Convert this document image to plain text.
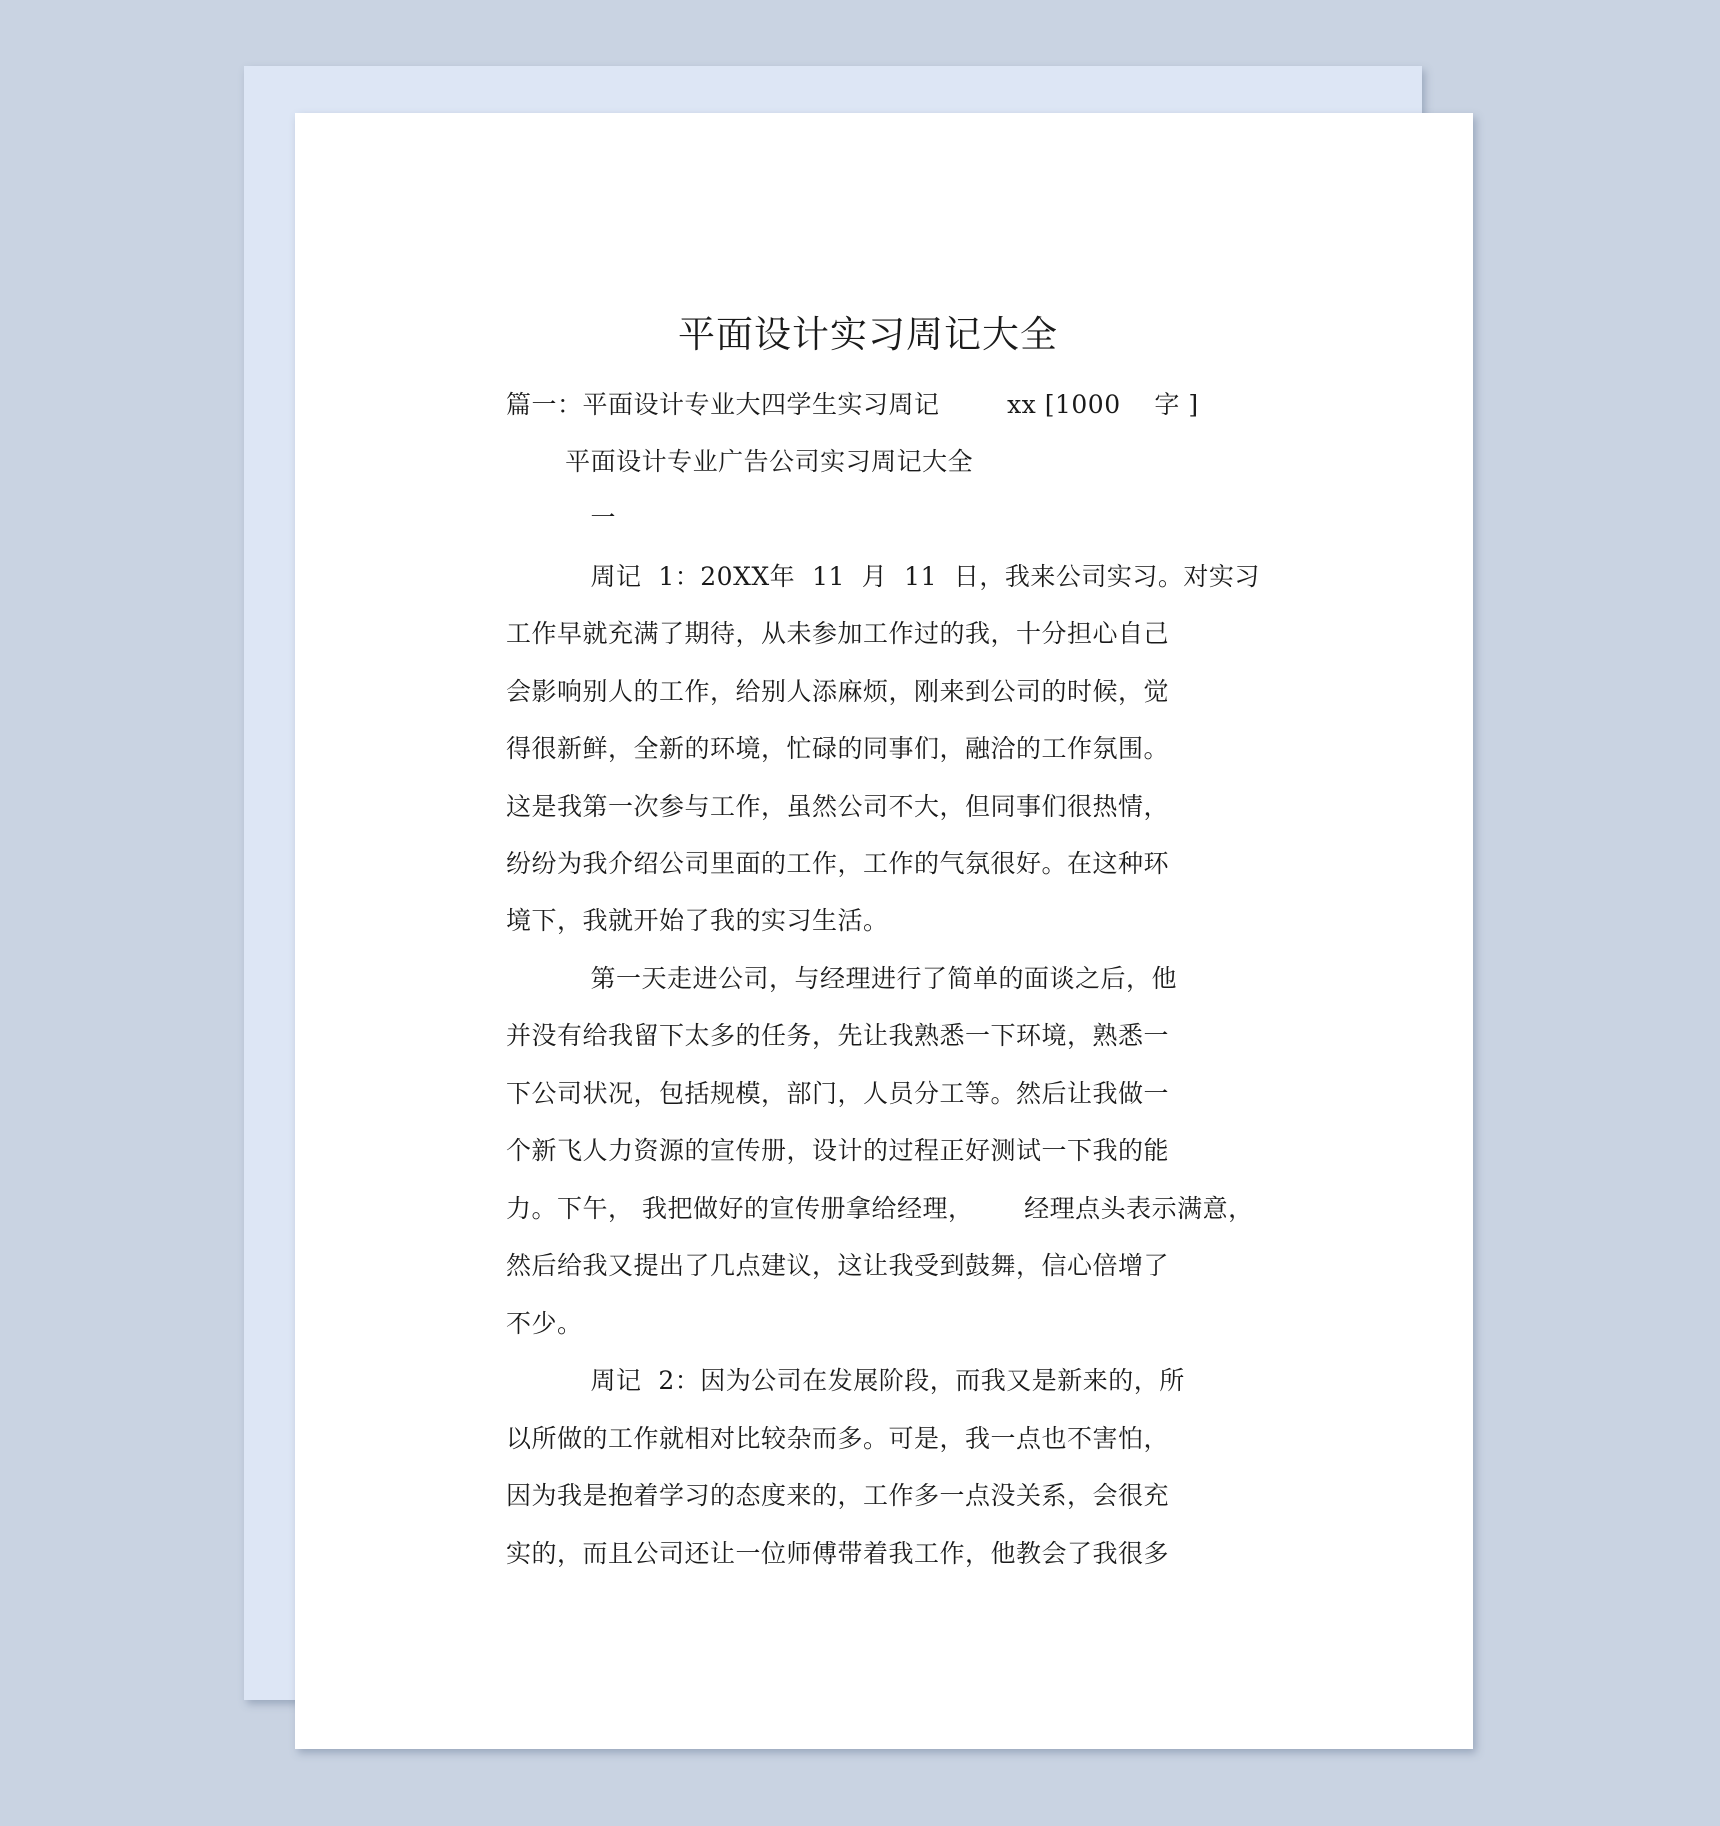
平面设计实习周记大全
篇一：平面设计专业大四学生实习周记        xx [1000    字 ]
平面设计专业广告公司实习周记大全
一
周记  1：20XX年  11  月  11  日，我来公司实习。对实习
工作早就充满了期待，从未参加工作过的我，十分担心自己
会影响别人的工作，给别人添麻烦，刚来到公司的时候，觉
得很新鲜，全新的环境，忙碌的同事们，融洽的工作氛围。
这是我第一次参与工作，虽然公司不大，但同事们很热情，
纷纷为我介绍公司里面的工作，工作的气氛很好。在这种环
境下，我就开始了我的实习生活。
第一天走进公司，与经理进行了简单的面谈之后，他
并没有给我留下太多的任务，先让我熟悉一下环境，熟悉一
下公司状况，包括规模，部门，人员分工等。然后让我做一
个新飞人力资源的宣传册，设计的过程正好测试一下我的能
力。下午， 我把做好的宣传册拿给经理，      经理点头表示满意，
然后给我又提出了几点建议，这让我受到鼓舞，信心倍增了
不少。
周记  2：因为公司在发展阶段，而我又是新来的，所
以所做的工作就相对比较杂而多。可是，我一点也不害怕，
因为我是抱着学习的态度来的，工作多一点没关系，会很充
实的，而且公司还让一位师傅带着我工作，他教会了我很多
